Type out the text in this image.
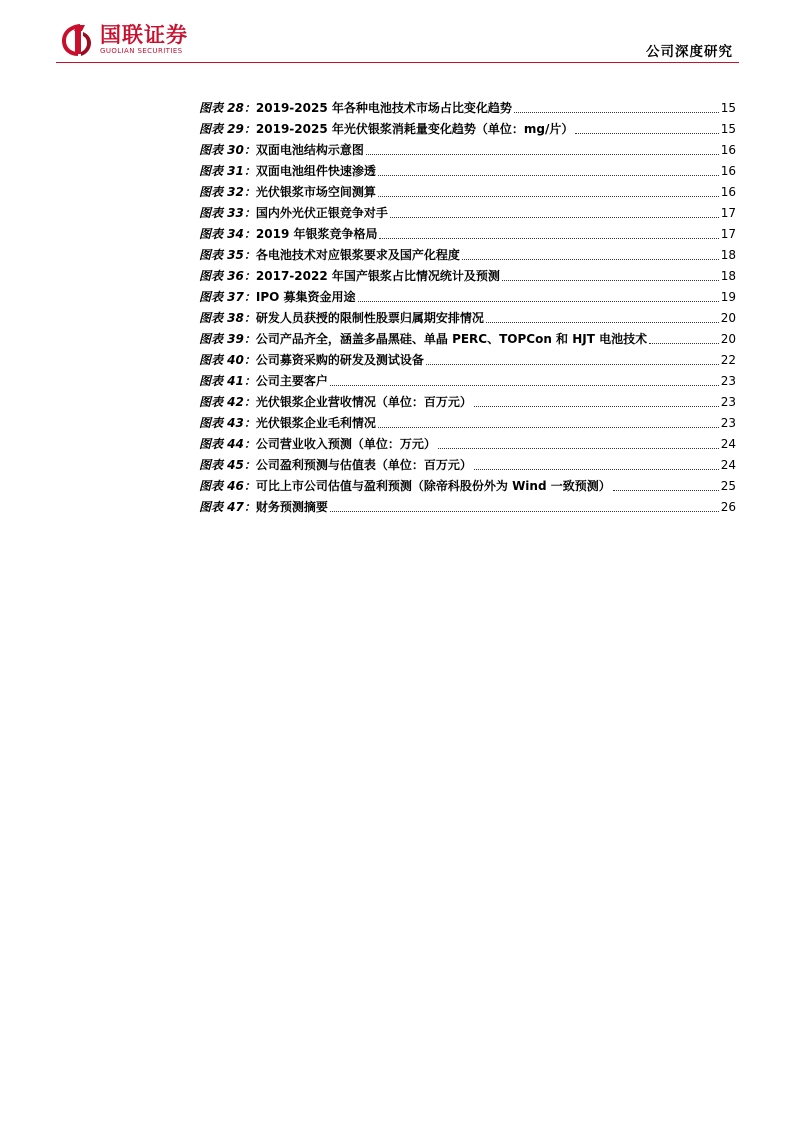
国联证券
GUOLIAN SECURITIES	公司深度研究
图表 28：2019-2025 年各种电池技术市场占比变化趋势	15
图表 29：2019-2025 年光伏银浆消耗量变化趋势（单位：mg/片）	15
图表 30：双面电池结构示意图	16
图表 31：双面电池组件快速渗透	16
图表 32：光伏银浆市场空间测算	16
图表 33：国内外光伏正银竞争对手	17
图表 34：2019 年银浆竞争格局	17
图表 35：各电池技术对应银浆要求及国产化程度	18
图表 36：2017-2022 年国产银浆占比情况统计及预测	18
图表 37：IPO 募集资金用途	19
图表 38：研发人员获授的限制性股票归属期安排情况	20
图表 39：公司产品齐全，涵盖多晶黑硅、单晶 PERC、TOPCon 和 HJT 电池技术	20
图表 40：公司募资采购的研发及测试设备	22
图表 41：公司主要客户	23
图表 42：光伏银浆企业营收情况（单位：百万元）	23
图表 43：光伏银浆企业毛利情况	23
图表 44：公司营业收入预测（单位：万元）	24
图表 45：公司盈利预测与估值表（单位：百万元）	24
图表 46：可比上市公司估值与盈利预测（除帝科股份外为 Wind 一致预测）	25
图表 47：财务预测摘要	26
